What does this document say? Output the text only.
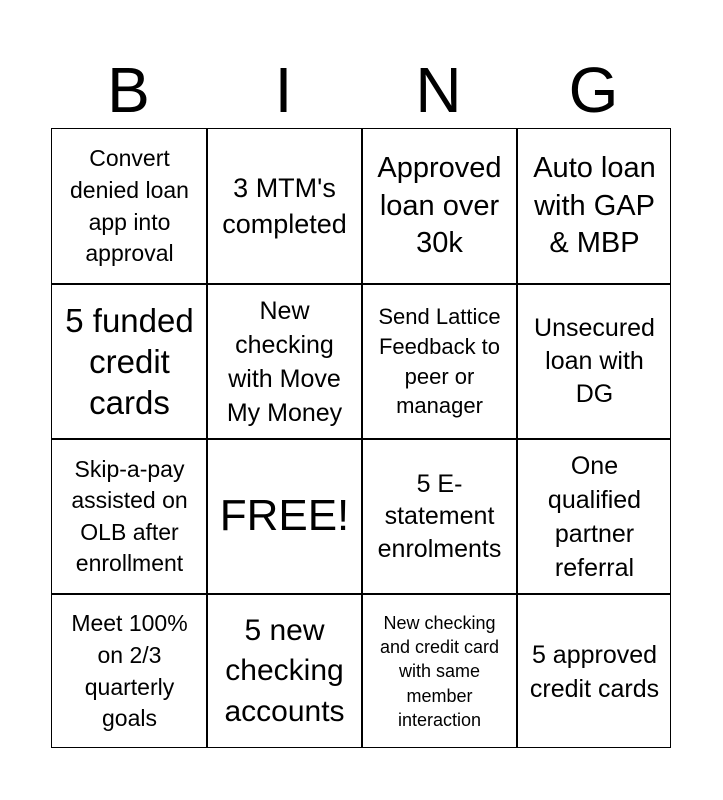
B	I	N	G
Convert denied loan app into approval
3 MTM's completed
Approved loan over 30k
Auto loan with GAP & MBP
5 funded credit cards
New checking with Move My Money
Send Lattice Feedback to peer or manager
Unsecured loan with DG
Skip-a-pay assisted on OLB after enrollment
FREE!
5 E-statement enrolments
One qualified partner referral
Meet 100% on 2/3 quarterly goals
5 new checking accounts
New checking and credit card with same member interaction
5 approved credit cards
